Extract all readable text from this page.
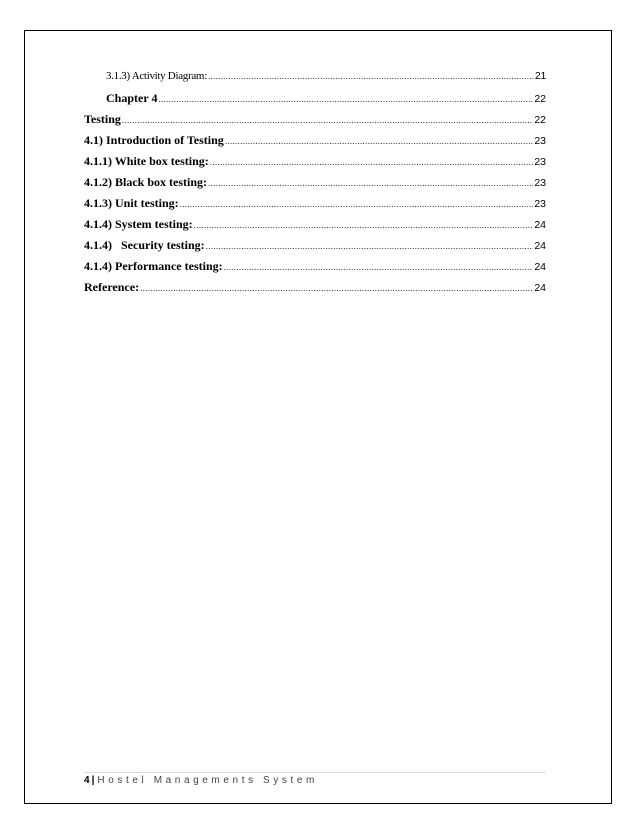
3.1.3) Activity Diagram: .....	21
Chapter 4 .....	22
Testing .....	22
4.1) Introduction of Testing .....	23
4.1.1) White box testing: .....	23
4.1.2) Black box testing: .....	23
4.1.3) Unit testing: .....	23
4.1.4) System testing: .....	24
4.1.4)   Security testing: .....	24
4.1.4) Performance testing: .....	24
Reference: .....	24
4 | Hostel Managements System
